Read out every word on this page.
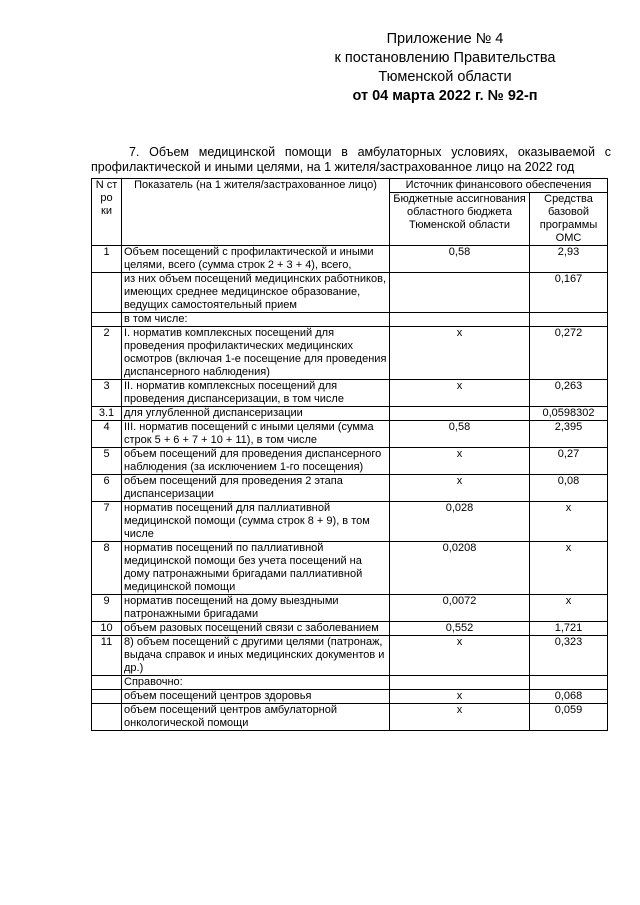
Приложение № 4
к постановлению Правительства
Тюменской области
от 04 марта 2022 г. № 92-п
7. Объем медицинской помощи в амбулаторных условиях, оказываемой с профилактической и иными целями, на 1 жителя/застрахованное лицо на 2022 год
N ст ро ки	Показатель (на 1 жителя/застрахованное лицо)	Источник финансового обеспечения	
		Бюджетные ассигнования областного бюджета Тюменской области	Средства базовой программы ОМС
1	Объем посещений с профилактической и иными целями, всего (сумма строк 2 + 3 + 4), всего,	0,58	2,93
	из них объем посещений медицинских работников, имеющих среднее медицинское образование, ведущих самостоятельный прием		0,167
	в том числе:		
2	I. норматив комплексных посещений для проведения профилактических медицинских осмотров (включая 1-е посещение для проведения диспансерного наблюдения)	х	0,272
3	II. норматив комплексных посещений для проведения диспансеризации, в том числе	х	0,263
3.1	для углубленной диспансеризации		0,0598302
4	III. норматив посещений с иными целями (сумма строк 5 + 6 + 7 + 10 + 11), в том числе	0,58	2,395
5	объем посещений для проведения диспансерного наблюдения (за исключением 1-го посещения)	х	0,27
6	объем посещений для проведения 2 этапа диспансеризации	х	0,08
7	норматив посещений для паллиативной медицинской помощи (сумма строк 8 + 9), в том числе	0,028	х
8	норматив посещений по паллиативной медицинской помощи без учета посещений на дому патронажными бригадами паллиативной медицинской помощи	0,0208	х
9	норматив посещений на дому выездными патронажными бригадами	0,0072	х
10	объем разовых посещений связи с заболеванием	0,552	1,721
11	8) объем посещений с другими целями (патронаж, выдача справок и иных медицинских документов и др.)	х	0,323
	Справочно:		
	объем посещений центров здоровья	х	0,068
	объем посещений центров амбулаторной онкологической помощи	х	0,059
